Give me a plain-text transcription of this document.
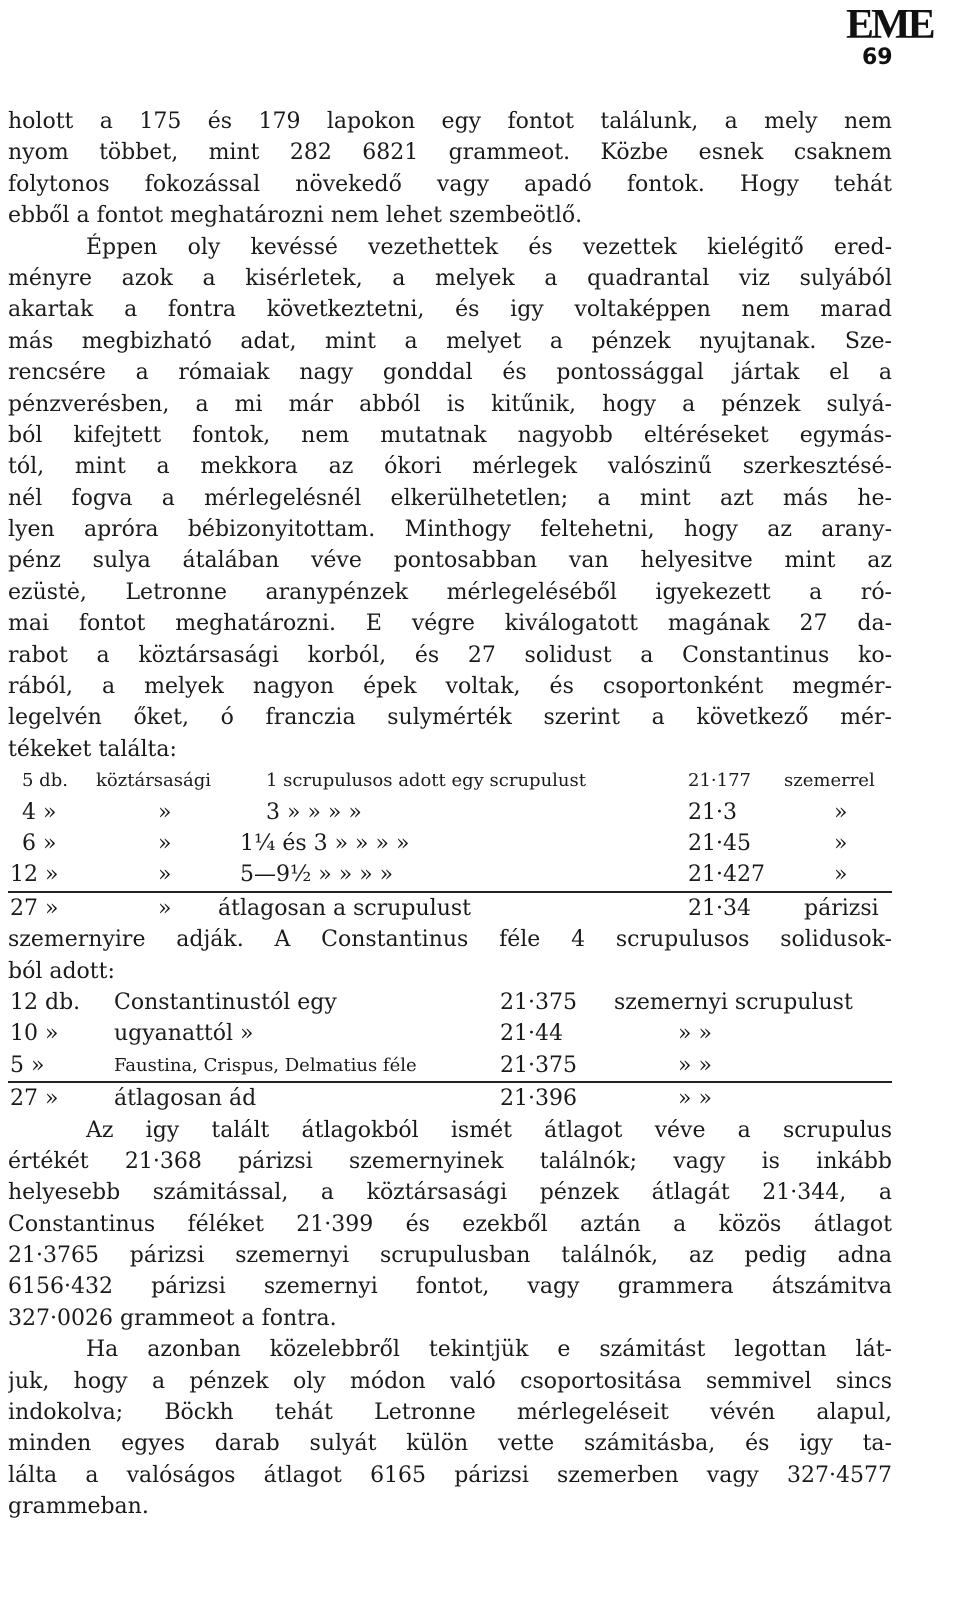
EME
69
holott a 175 és 179 lapokon egy fontot találunk, a mely nem
nyom többet, mint 282 6821 grammeot. Közbe esnek csaknem
folytonos fokozással növekedő vagy apadó fontok. Hogy tehát
ebből a fontot meghatározni nem lehet szembeötlő.
Éppen oly kevéssé vezethettek és vezettek kielégitő ered-
ményre azok a kisérletek, a melyek a quadrantal viz sulyából
akartak a fontra következtetni, és igy voltaképpen nem marad
más megbizható adat, mint a melyet a pénzek nyujtanak. Sze-
rencsére a rómaiak nagy gonddal és pontossággal jártak el a
pénzverésben, a mi már abból is kitűnik, hogy a pénzek sulyá-
ból kifejtett fontok, nem mutatnak nagyobb eltéréseket egymás-
tól, mint a mekkora az ókori mérlegek valószinű szerkesztésé-
nél fogva a mérlegelésnél elkerülhetetlen; a mint azt más he-
lyen apróra bébizonyitottam. Minthogy feltehetni, hogy az arany-
pénz sulya átalában véve pontosabban van helyesitve mint az
ezüstė, Letronne aranypénzek mérlegeléséből igyekezett a ró-
mai fontot meghatározni. E végre kiválogatott magának 27 da-
rabot a köztársasági korból, és 27 solidust a Constantinus ko-
rából, a melyek nagyon épek voltak, és csoportonként megmér-
legelvén őket, ó franczia sulymérték szerint a következő mér-
tékeket találta:
5 db. köztársasági	1 scrupulusos adott egy scrupulust	21·177 szemerrel
4 »	»	3 » » » »	21·3	»
6 »	»	1¼ és 3 » » » »	21·45	»
12 »	»	5—9½ » » » »	21·427	»
27 »	» átlagosan a scrupulust	21·34 párizsi
szemernyire adják. A Constantinus féle 4 scrupulusos solidusok-
ból adott:
12 db. Constantinustól egy	21·375 szemernyi scrupulust
10 »	ugyanattól »	21·44	» »
5 »	Faustina, Crispus, Delmatius féle	21·375	» »
27 »	átlagosan ád	21·396	» »
Az igy talált átlagokból ismét átlagot véve a scrupulus
értékét 21·368 párizsi szemernyinek találnók; vagy is inkább
helyesebb számitással, a köztársasági pénzek átlagát 21·344, a
Constantinus féléket 21·399 és ezekből aztán a közös átlagot
21·3765 párizsi szemernyi scrupulusban találnók, az pedig adna
6156·432 párizsi szemernyi fontot, vagy grammera átszámitva
327·0026 grammeot a fontra.
Ha azonban közelebbről tekintjük e számitást legottan lát-
juk, hogy a pénzek oly módon való csoportositása semmivel sincs
indokolva; Böckh tehát Letronne mérlegeléseit vévén alapul,
minden egyes darab sulyát külön vette számitásba, és igy ta-
lálta a valóságos átlagot 6165 párizsi szemerben vagy 327·4577
grammeban.
